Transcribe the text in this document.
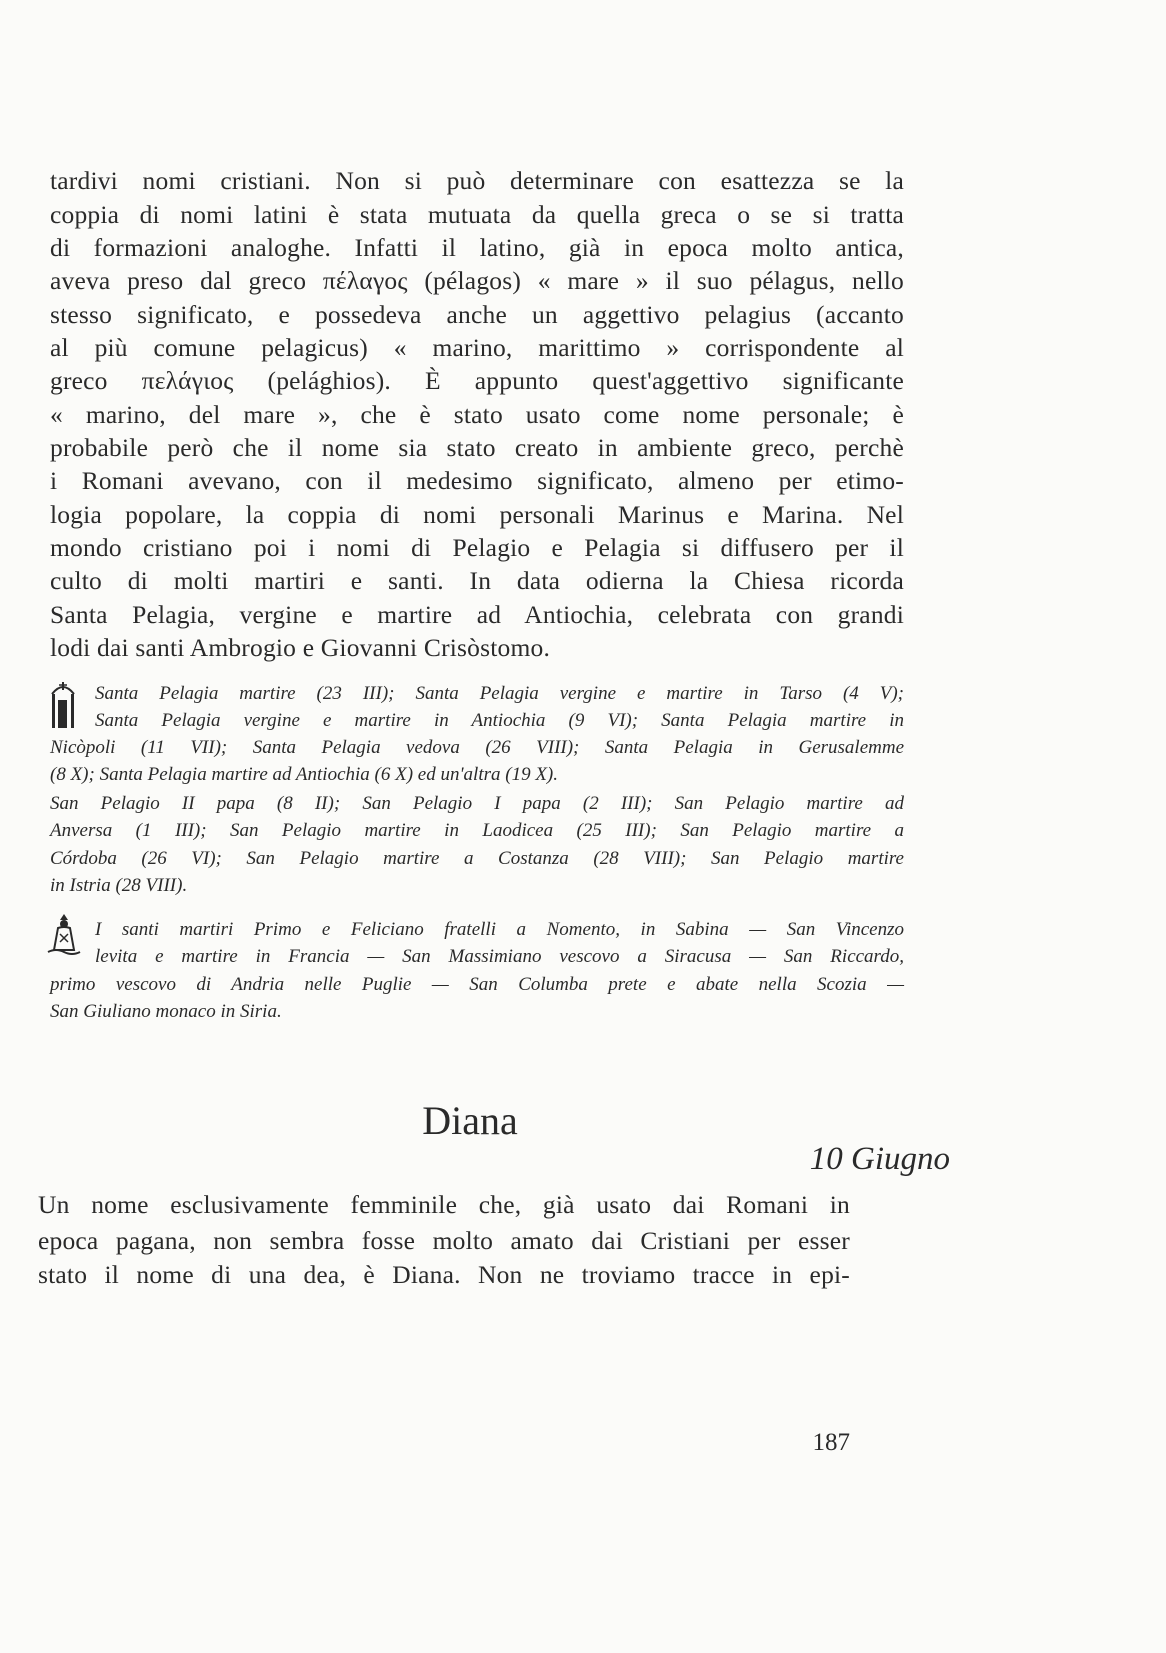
tardivi nomi cristiani. Non si può determinare con esattezza se la
coppia di nomi latini è stata mutuata da quella greca o se si tratta
di formazioni analoghe. Infatti il latino, già in epoca molto antica,
aveva preso dal greco πέλαγος (pélagos) « mare » il suo pélagus, nello
stesso significato, e possedeva anche un aggettivo pelagius (accanto
al più comune pelagicus) « marino, marittimo » corrispondente al
greco πελάγιος (pelághios). È appunto quest'aggettivo significante
« marino, del mare », che è stato usato come nome personale; è
probabile però che il nome sia stato creato in ambiente greco, perchè
i Romani avevano, con il medesimo significato, almeno per etimo-
logia popolare, la coppia di nomi personali Marinus e Marina. Nel
mondo cristiano poi i nomi di Pelagio e Pelagia si diffusero per il
culto di molti martiri e santi. In data odierna la Chiesa ricorda
Santa Pelagia, vergine e martire ad Antiochia, celebrata con grandi
lodi dai santi Ambrogio e Giovanni Crisòstomo.
Santa Pelagia martire (23 III); Santa Pelagia vergine e martire in Tarso (4 V);
Santa Pelagia vergine e martire in Antiochia (9 VI); Santa Pelagia martire in
Nicòpoli (11 VII); Santa Pelagia vedova (26 VIII); Santa Pelagia in Gerusalemme
(8 X); Santa Pelagia martire ad Antiochia (6 X) ed un'altra (19 X).
San Pelagio II papa (8 II); San Pelagio I papa (2 III); San Pelagio martire ad
Anversa (1 III); San Pelagio martire in Laodicea (25 III); San Pelagio martire a
Córdoba (26 VI); San Pelagio martire a Costanza (28 VIII); San Pelagio martire
in Istria (28 VIII).
I santi martiri Primo e Feliciano fratelli a Nomento, in Sabina — San Vincenzo
levita e martire in Francia — San Massimiano vescovo a Siracusa — San Riccardo,
primo vescovo di Andria nelle Puglie — San Columba prete e abate nella Scozia —
San Giuliano monaco in Siria.
Diana
10 Giugno
Un nome esclusivamente femminile che, già usato dai Romani in
epoca pagana, non sembra fosse molto amato dai Cristiani per esser
stato il nome di una dea, è Diana. Non ne troviamo tracce in epi-
187
